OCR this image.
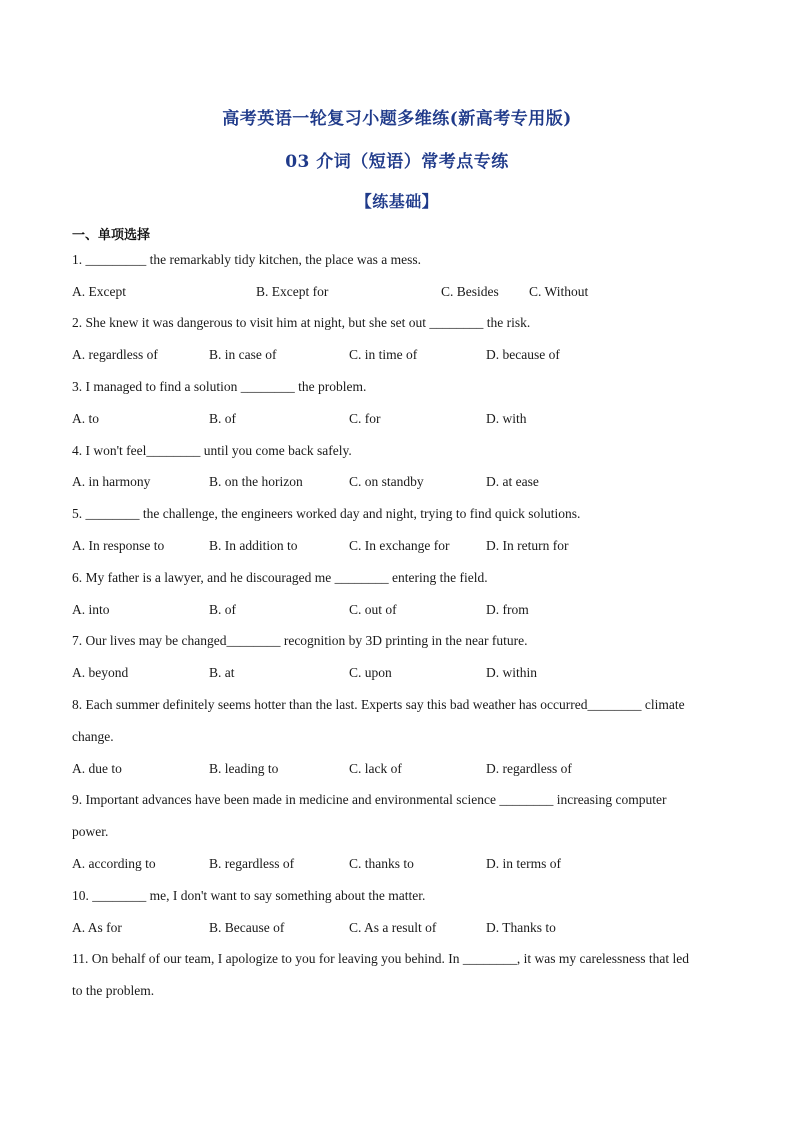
高考英语一轮复习小题多维练(新高考专用版)
03 介词（短语）常考点专练
【练基础】
一、单项选择
1. _________ the remarkably tidy kitchen, the place was a mess.
A. Except	B. Except for	C. Besides C. Without
2. She knew it was dangerous to visit him at night, but she set out ________ the risk.
A. regardless of	B. in case of	C. in time of	D. because of
3. I managed to find a solution ________ the problem.
A. to	B. of	C. for	D. with
4. I won't feel________ until you come back safely.
A. in harmony	B. on the horizon	C. on standby	D. at ease
5. ________ the challenge, the engineers worked day and night, trying to find quick solutions.
A. In response to	B. In addition to	C. In exchange for	D. In return for
6. My father is a lawyer, and he discouraged me ________ entering the field.
A. into	B. of	C. out of	D. from
7. Our lives may be changed________ recognition by 3D printing in the near future.
A. beyond	B. at	C. upon	D. within
8. Each summer definitely seems hotter than the last. Experts say this bad weather has occurred________ climate
change.
A. due to	B. leading to	C. lack of	D. regardless of
9. Important advances have been made in medicine and environmental science ________ increasing computer
power.
A. according to	B. regardless of	C. thanks to	D. in terms of
10. ________ me, I don't want to say something about the matter.
A. As for	B. Because of	C. As a result of	D. Thanks to
11. On behalf of our team, I apologize to you for leaving you behind. In ________, it was my carelessness that led
to the problem.
